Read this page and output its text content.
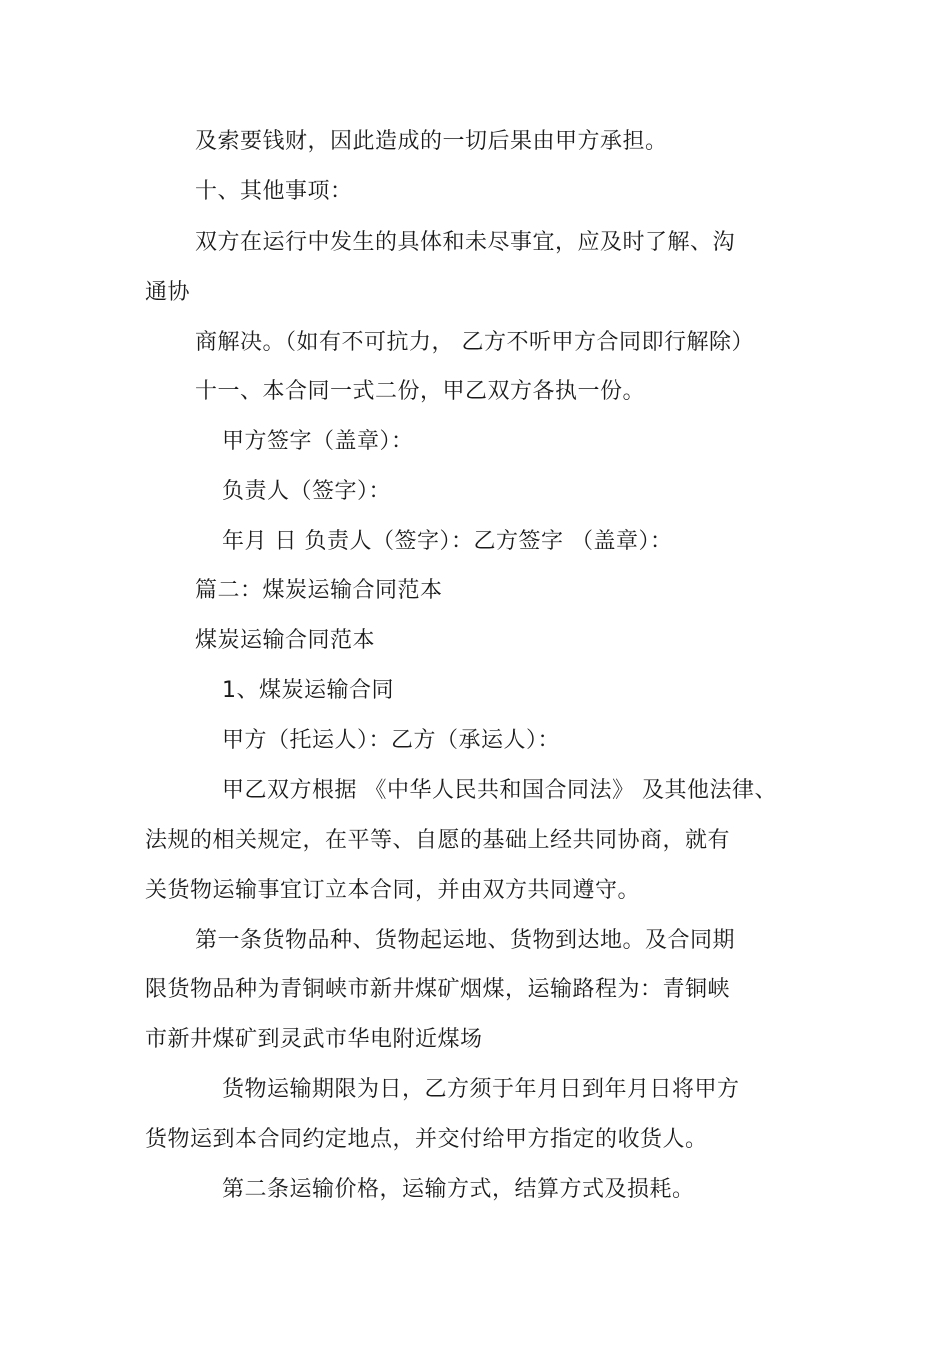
及索要钱财，因此造成的一切后果由甲方承担。
十、其他事项：
双方在运行中发生的具体和未尽事宜，应及时了解、沟
通协
商解决。（如有不可抗力， 乙方不听甲方合同即行解除）
十一、本合同一式二份，甲乙双方各执一份。
甲方签字（盖章）：
负责人（签字）：
年月 日 负责人（签字）：乙方签字 （盖章）：
篇二：煤炭运输合同范本
煤炭运输合同范本
1、煤炭运输合同
甲方（托运人）：乙方（承运人）：
甲乙双方根据 《中华人民共和国合同法》 及其他法律、
法规的相关规定，在平等、自愿的基础上经共同协商，就有
关货物运输事宜订立本合同，并由双方共同遵守。
第一条货物品种、货物起运地、货物到达地。及合同期
限货物品种为青铜峡市新井煤矿烟煤，运输路程为：青铜峡
市新井煤矿到灵武市华电附近煤场
货物运输期限为日，乙方须于年月日到年月日将甲方
货物运到本合同约定地点，并交付给甲方指定的收货人。
第二条运输价格，运输方式，结算方式及损耗。
